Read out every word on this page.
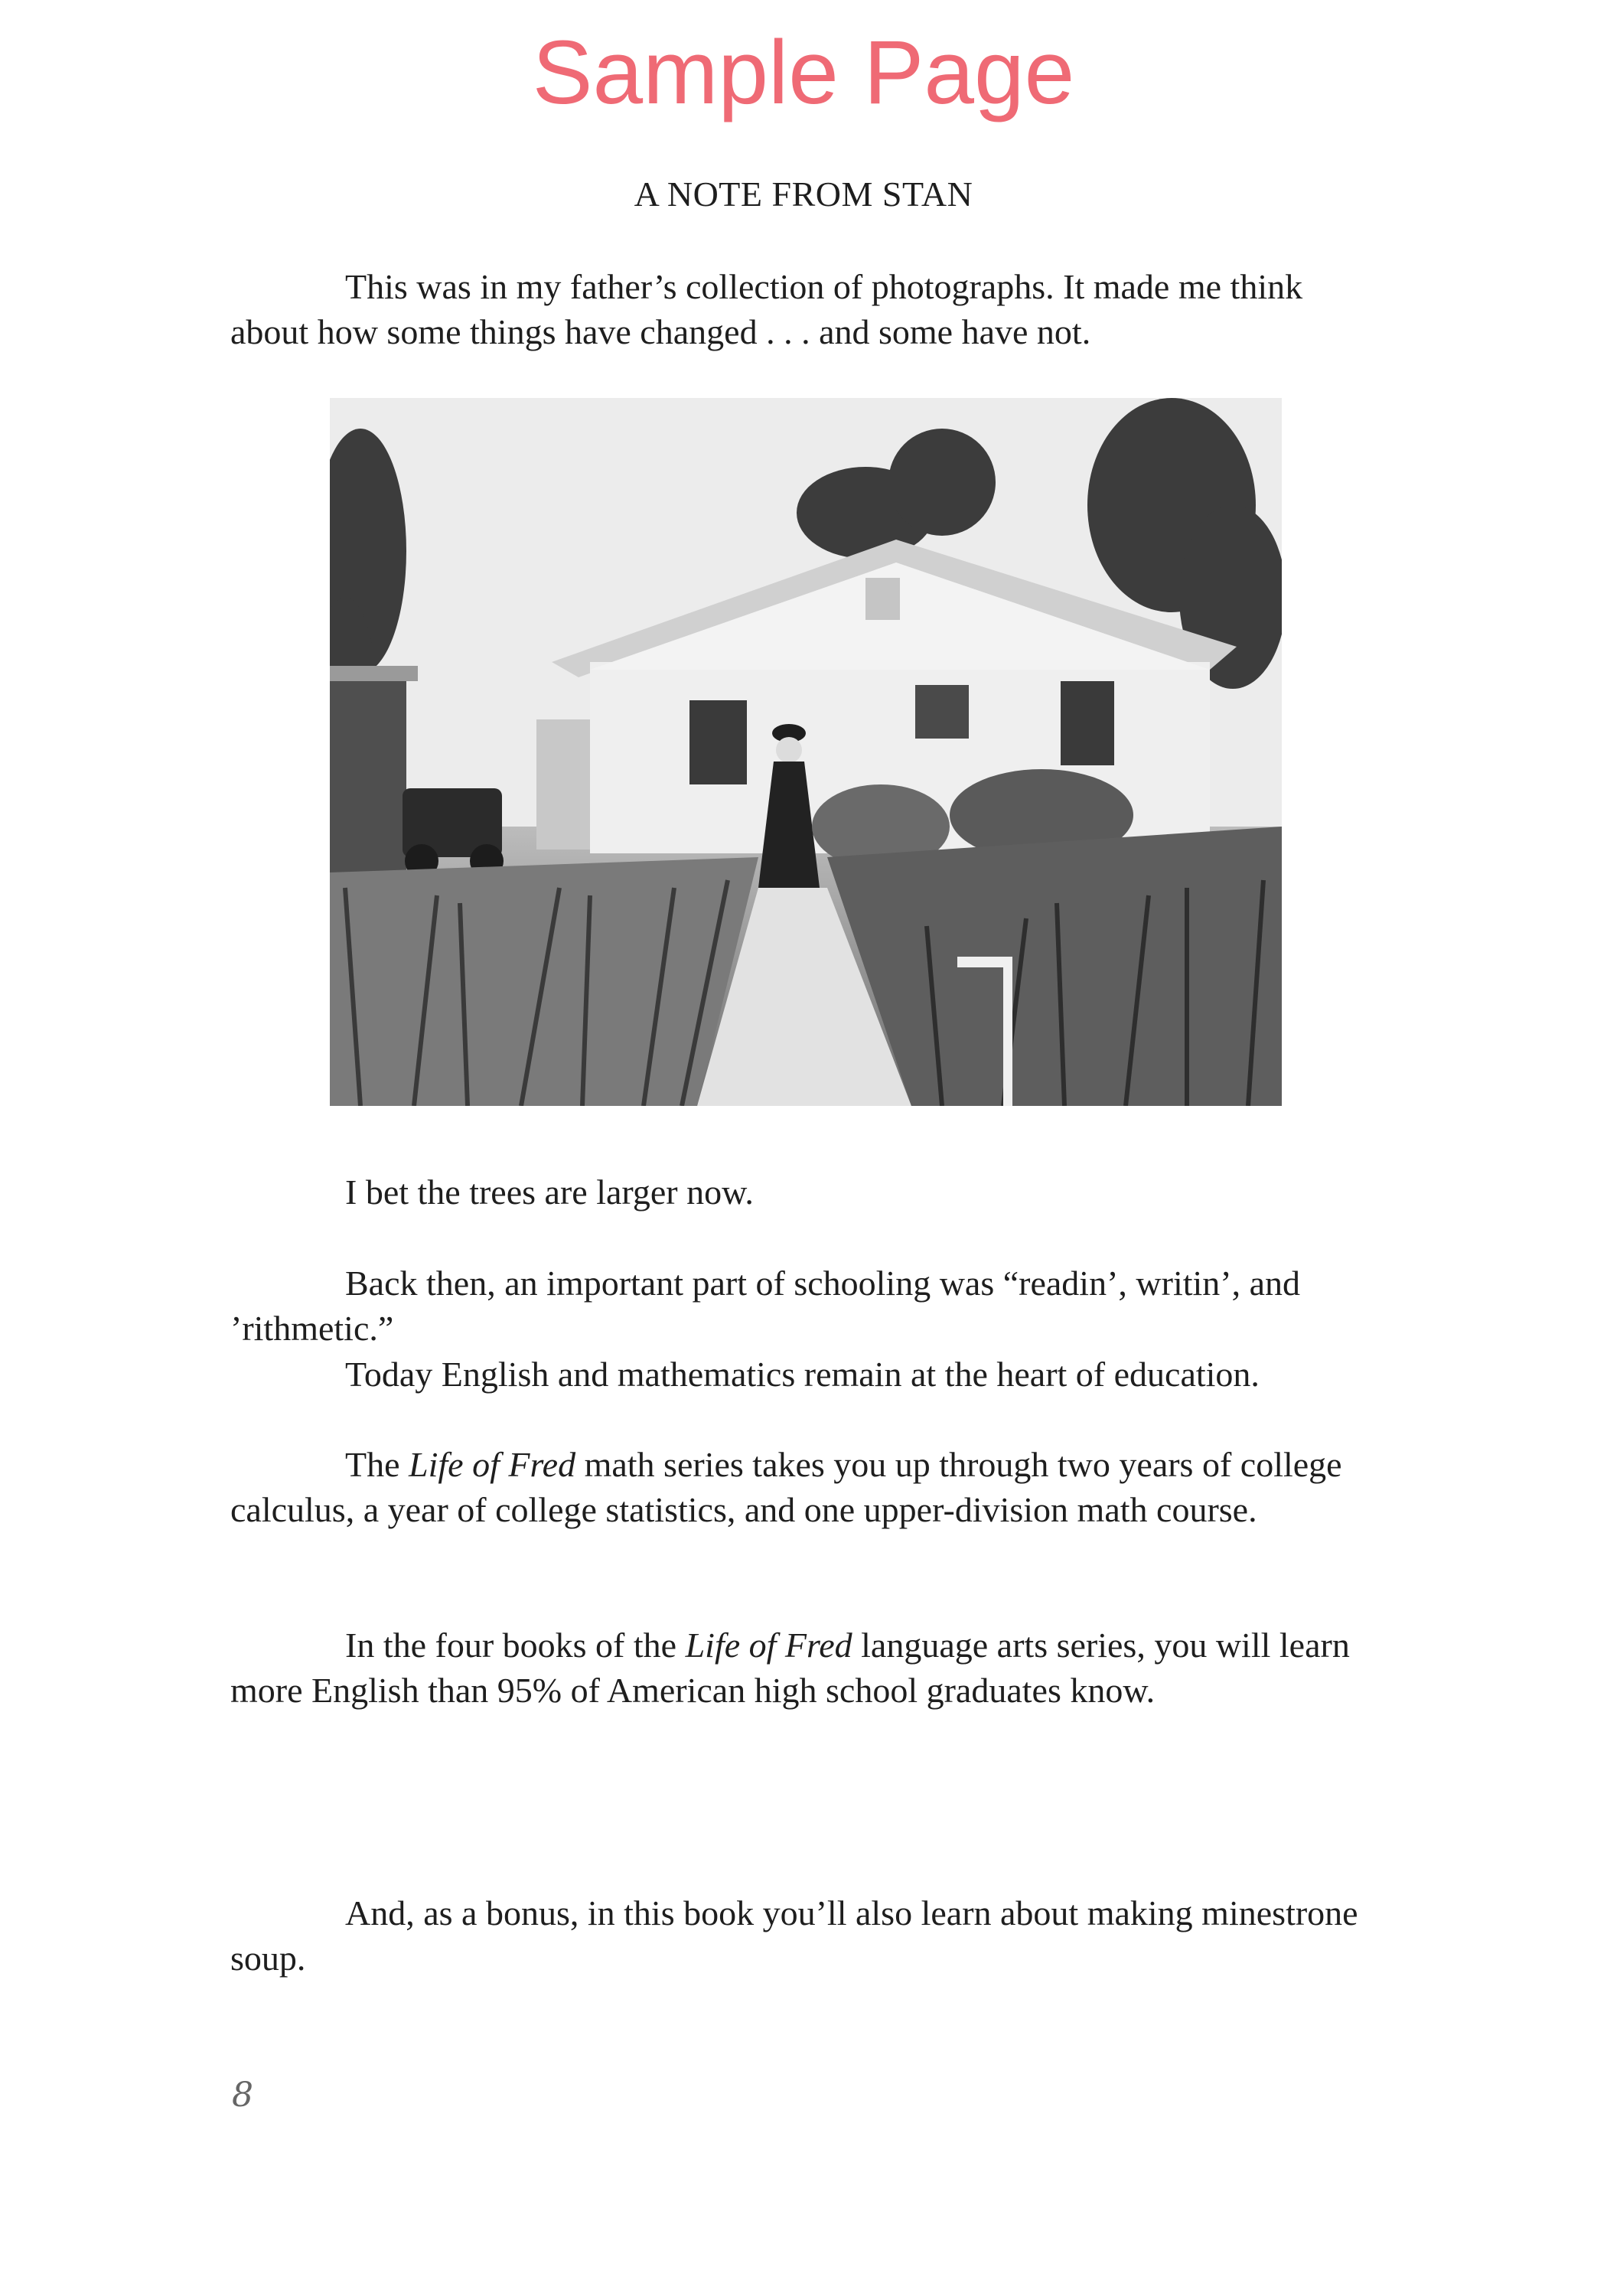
Sample Page
A NOTE FROM STAN

This was in my father’s collection of photographs. It made me think about how some things have changed . . . and some have not.

I bet the trees are larger now.

Back then, an important part of schooling was “readin’, writin’, and ’rithmetic.”

Today English and mathematics remain at the heart of education.

The Life of Fred math series takes you up through two years of college calculus, a year of college statistics, and one upper-division math course.

In the four books of the Life of Fred language arts series, you will learn more English than 95% of American high school graduates know.

And, as a bonus, in this book you’ll also learn about making minestrone soup.

8
